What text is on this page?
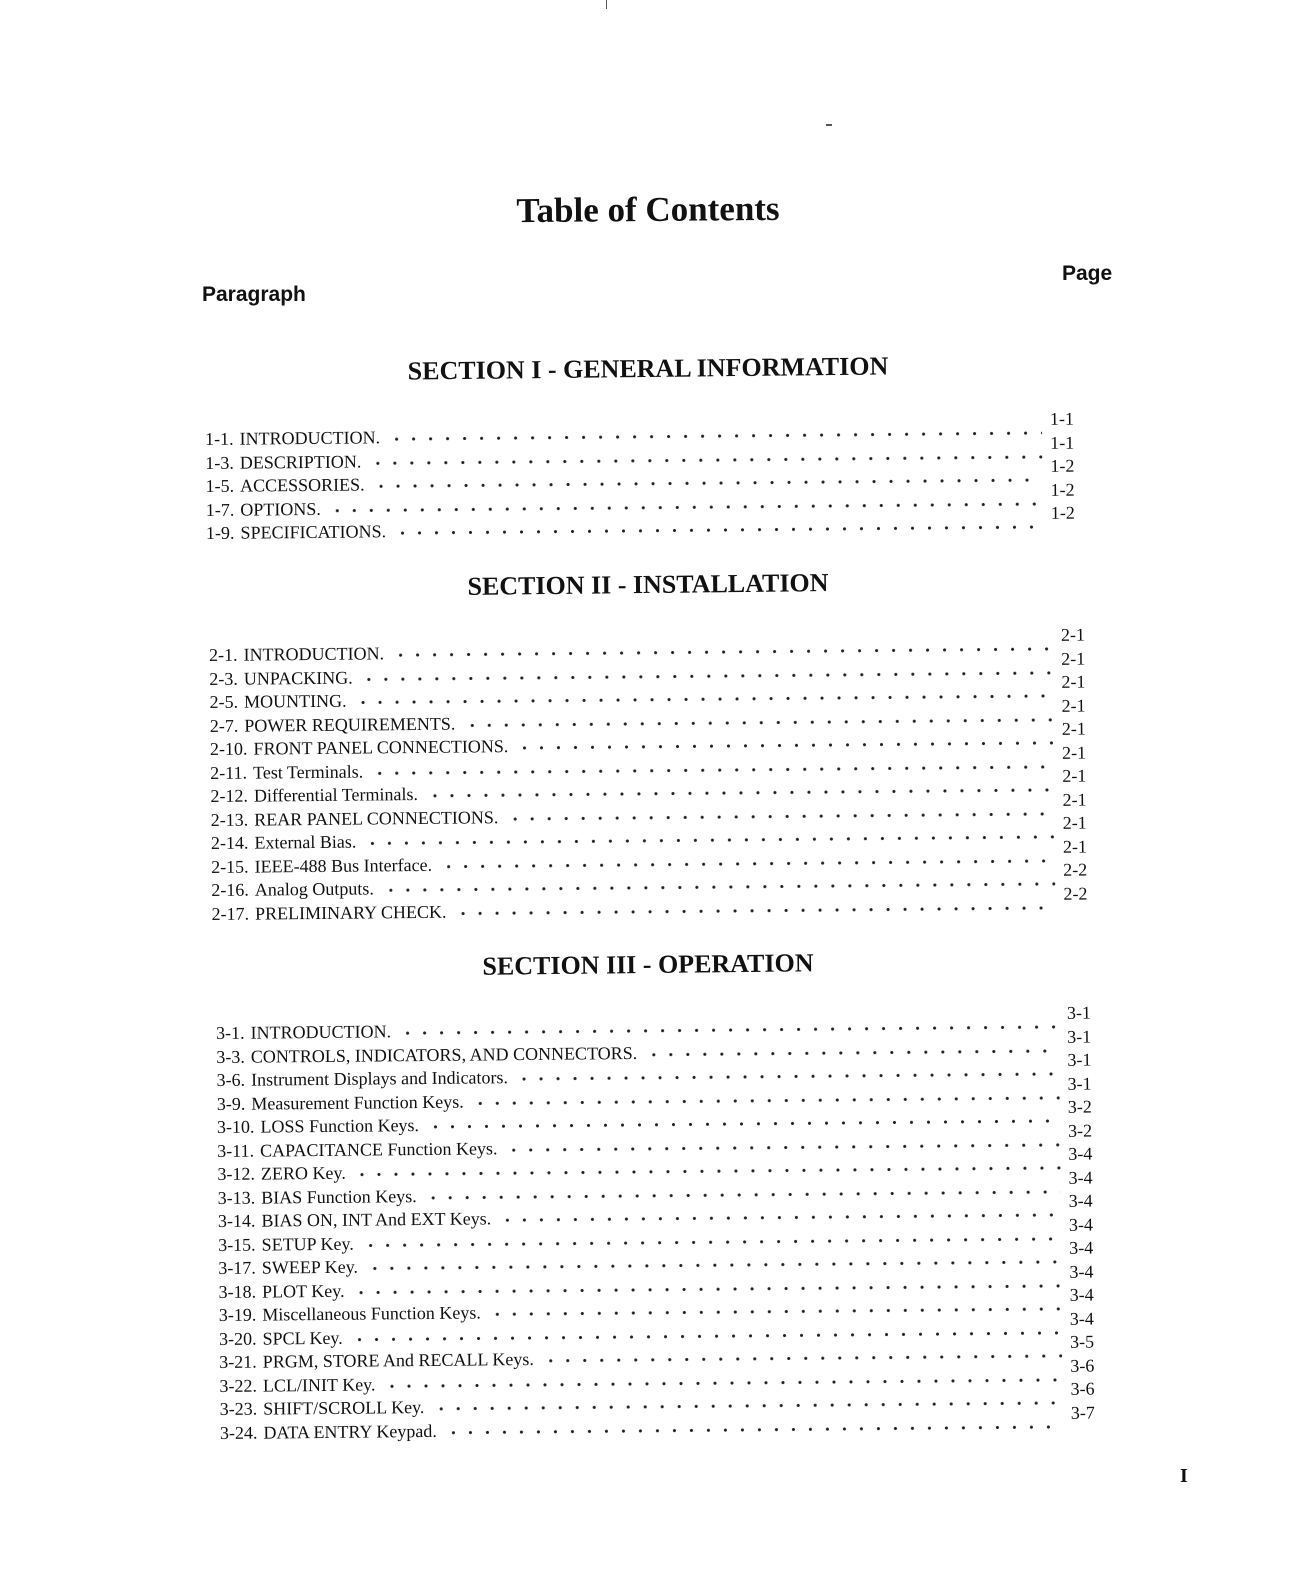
Table of Contents
Page
Paragraph
SECTION I - GENERAL INFORMATION
1-1. INTRODUCTION.
1-1
1-3. DESCRIPTION.
1-1
1-5. ACCESSORIES.
1-2
1-7. OPTIONS.
1-2
1-9. SPECIFICATIONS.
1-2
SECTION II - INSTALLATION
2-1. INTRODUCTION.
2-1
2-3. UNPACKING.
2-1
2-5. MOUNTING.
2-1
2-7. POWER REQUIREMENTS.
2-1
2-10. FRONT PANEL CONNECTIONS.
2-1
2-11. Test Terminals.
2-1
2-12. Differential Terminals.
2-1
2-13. REAR PANEL CONNECTIONS.
2-1
2-14. External Bias.
2-1
2-15. IEEE-488 Bus Interface.
2-1
2-16. Analog Outputs.
2-2
2-17. PRELIMINARY CHECK.
2-2
SECTION III - OPERATION
3-1. INTRODUCTION.
3-1
3-3. CONTROLS, INDICATORS, AND CONNECTORS.
3-1
3-6. Instrument Displays and Indicators.
3-1
3-9. Measurement Function Keys.
3-1
3-10. LOSS Function Keys.
3-2
3-11. CAPACITANCE Function Keys.
3-2
3-12. ZERO Key.
3-4
3-13. BIAS Function Keys.
3-4
3-14. BIAS ON, INT And EXT Keys.
3-4
3-15. SETUP Key.
3-4
3-17. SWEEP Key.
3-4
3-18. PLOT Key.
3-4
3-19. Miscellaneous Function Keys.
3-4
3-20. SPCL Key.
3-4
3-21. PRGM, STORE And RECALL Keys.
3-5
3-22. LCL/INIT Key.
3-6
3-23. SHIFT/SCROLL Key.
3-6
3-24. DATA ENTRY Keypad.
3-7
I
